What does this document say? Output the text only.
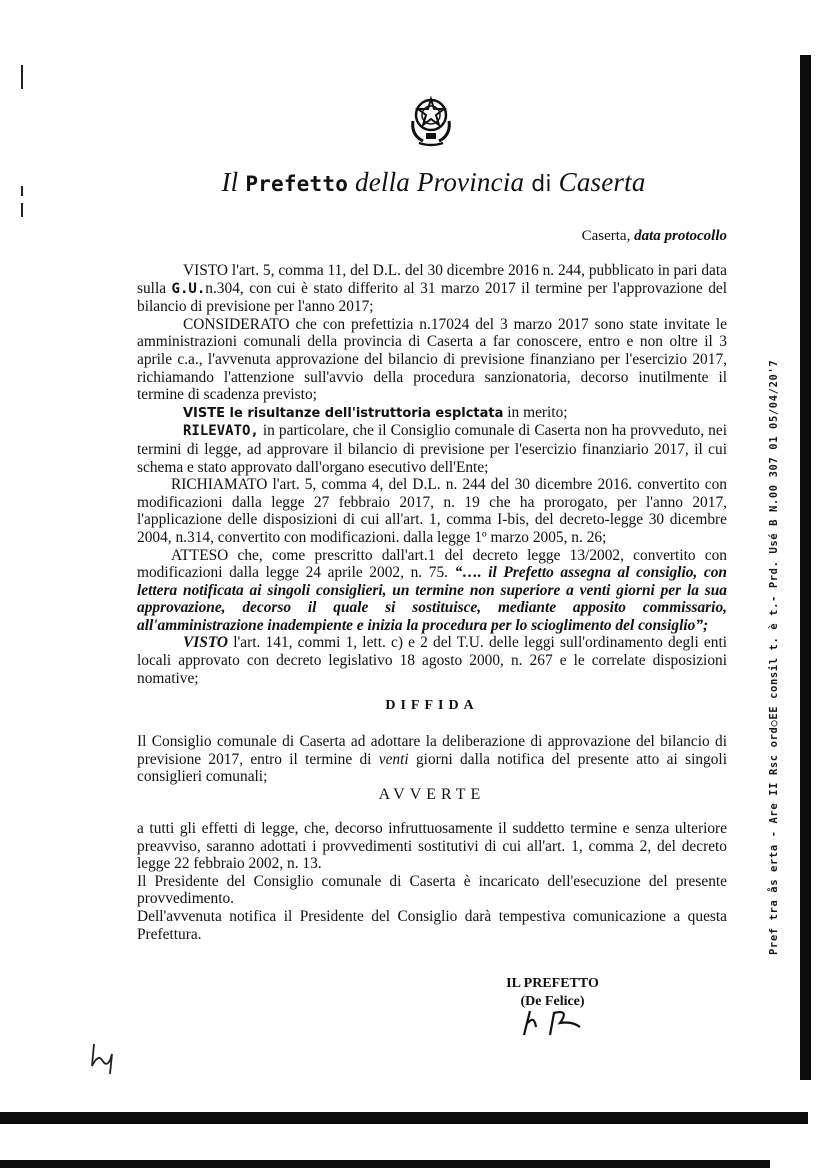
Il Prefetto della Provincia di Caserta
Caserta, data protocollo

VISTO l'art. 5, comma 11, del D.L. del 30 dicembre 2016 n. 244, pubblicato in pari data sulla G.U.n.304, con cui è stato differito al 31 marzo 2017 il termine per l'approvazione del bilancio di previsione per l'anno 2017;

CONSIDERATO che con prefettizia n.17024 del 3 marzo 2017 sono state invitate le amministrazioni comunali della provincia di Caserta a far conoscere, entro e non oltre il 3 aprile c.a., l'avvenuta approvazione del bilancio di previsione finanziano per l'esercizio 2017, richiamando l'attenzione sull'avvio della procedura sanzionatoria, decorso inutilmente il termine di scadenza previsto;

VISTE le risultanze dell'istruttoria esplctata in merito;

RILEVATO, in particolare, che il Consiglio comunale di Caserta non ha provveduto, nei termini di legge, ad approvare il bilancio di previsione per l'esercizio finanziario 2017, il cui schema e stato approvato dall'organo esecutivo dell'Ente;

RICHIAMATO l'art. 5, comma 4, del D.L. n. 244 del 30 dicembre 2016. convertito con modificazioni dalla legge 27 febbraio 2017, n. 19 che ha prorogato, per l'anno 2017, l'applicazione delle disposizioni di cui all'art. 1, comma I-bis, del decreto-legge 30 dicembre 2004, n.314, convertito con modificazioni. dalla legge 1º marzo 2005, n. 26;

ATTESO che, come prescritto dall'art.1 del decreto legge 13/2002, convertito con modificazioni dalla legge 24 aprile 2002, n. 75. “…. il Prefetto assegna al consiglio, con lettera notificata ai singoli consiglieri, un termine non superiore a venti giorni per la sua approvazione, decorso il quale si sostituisce, mediante apposito commissario, all'amministrazione inadempiente e inizia la procedura per lo scioglimento del consiglio”;

VISTO l'art. 141, commi 1, lett. c) e 2 del T.U. delle leggi sull'ordinamento degli enti locali approvato con decreto legislativo 18 agosto 2000, n. 267 e le correlate disposizioni nomative;

DIFFIDA
Il Consiglio comunale di Caserta ad adottare la deliberazione di approvazione del bilancio di previsione 2017, entro il termine di venti giorni dalla notifica del presente atto ai singoli consiglieri comunali;
AVVERTE

a tutti gli effetti di legge, che, decorso infruttuosamente il suddetto termine e senza ulteriore preavviso, saranno adottati i provvedimenti sostitutivi di cui all'art. 1, comma 2, del decreto legge 22 febbraio 2002, n. 13.

Il Presidente del Consiglio comunale di Caserta è incaricato dell'esecuzione del presente provvedimento.

Dell'avvenuta notifica il Presidente del Consiglio darà tempestiva comunicazione a questa Prefettura.

IL PREFETTO
(De Felice)
Pref tra ås erta - Are II Rsc ord○EE consil t. è t.- Prd. Usé B N.00 307 01 05/04/20'7
